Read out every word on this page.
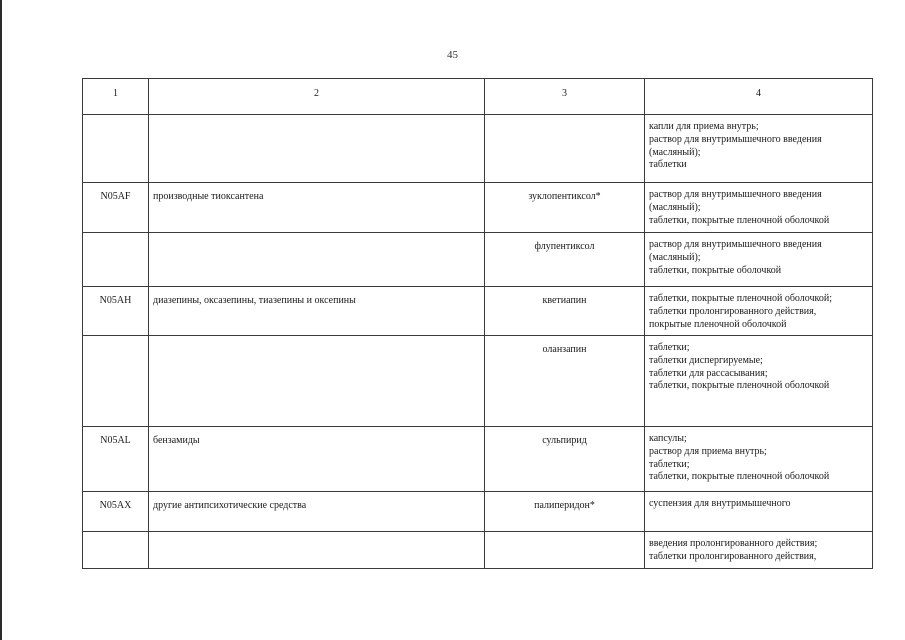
45
1	2	3	4

			капли для приема внутрь;
раствор для внутримышечного введения
(масляный);
таблетки

N05AF	производные тиоксантена	зуклопентиксол*	раствор для внутримышечного введения
(масляный);
таблетки, покрытые пленочной оболочкой

		флупентиксол	раствор для внутримышечного введения
(масляный);
таблетки, покрытые оболочкой

N05AH	диазепины, оксазепины, тиазепины и оксепины	кветиапин	таблетки, покрытые пленочной оболочкой;
таблетки пролонгированного действия,
покрытые пленочной оболочкой

		оланзапин	таблетки;
таблетки диспергируемые;
таблетки для рассасывания;
таблетки, покрытые пленочной оболочкой

N05AL	бензамиды	сульпирид	капсулы;
раствор для приема внутрь;
таблетки;
таблетки, покрытые пленочной оболочкой

N05AX	другие антипсихотические средства	палиперидон*	суспензия для внутримышечного

			введения пролонгированного действия;
таблетки пролонгированного действия,
